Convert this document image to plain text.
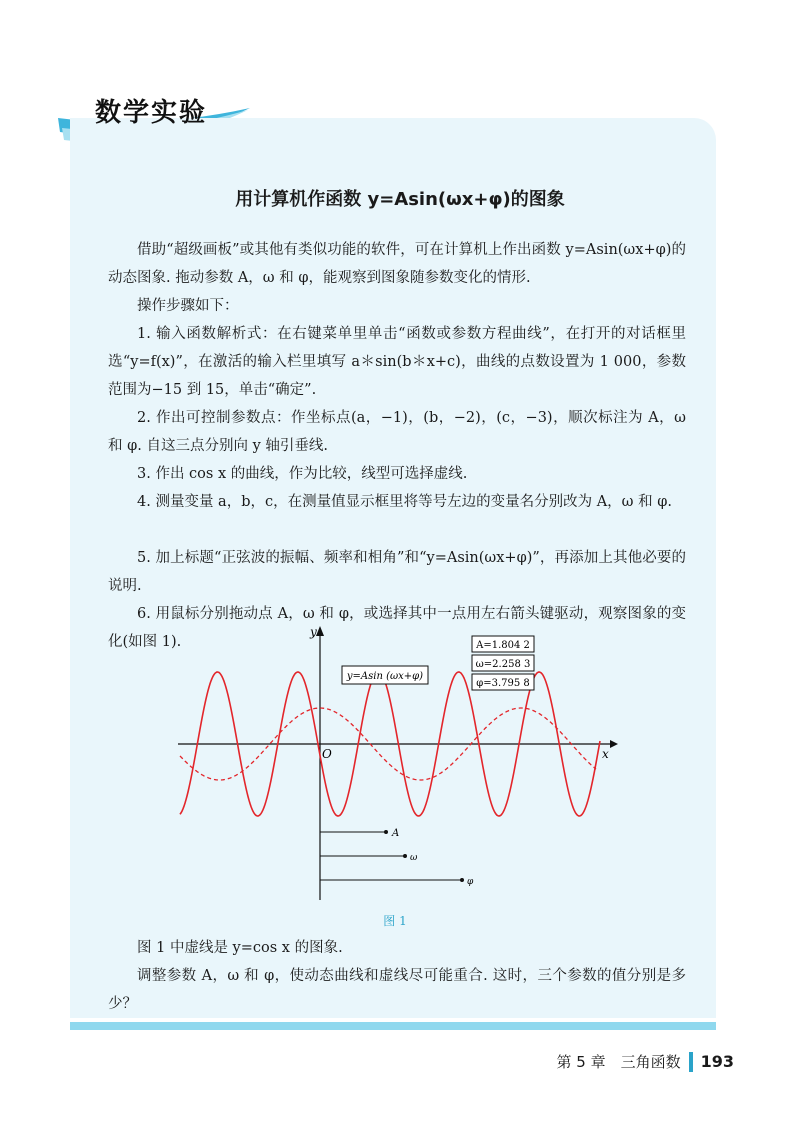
数学实验
用计算机作函数 y=Asin(ωx+φ)的图象

借助“超级画板”或其他有类似功能的软件，可在计算机上作出函数 y=Asin(ωx+φ)的动态图象. 拖动参数 A，ω 和 φ，能观察到图象随参数变化的情形.

操作步骤如下：

1. 输入函数解析式：在右键菜单里单击“函数或参数方程曲线”，在打开的对话框里选“y=f(x)”，在激活的输入栏里填写 a＊sin(b＊x+c)，曲线的点数设置为 1 000，参数范围为−15 到 15，单击“确定”.

2. 作出可控制参数点：作坐标点(a，−1)，(b，−2)，(c，−3)，顺次标注为 A，ω 和 φ. 自这三点分别向 y 轴引垂线.

3. 作出 cos x 的曲线，作为比较，线型可选择虚线.

4. 测量变量 a，b，c，在测量值显示框里将等号左边的变量名分别改为 A，ω 和 φ.

5. 加上标题“正弦波的振幅、频率和相角”和“y=Asin(ωx+φ)”，再添加上其他必要的说明.

6. 用鼠标分别拖动点 A，ω 和 φ，或选择其中一点用左右箭头键驱动，观察图象的变化(如图 1).

y
x
O
y=Asin (ωx+φ)
A=1.804 2
ω=2.258 3
φ=3.795 8
A
ω
φ
图 1

图 1 中虚线是 y=cos x 的图象.

调整参数 A，ω 和 φ，使动态曲线和虚线尽可能重合. 这时，三个参数的值分别是多少？

第 5 章　三角函数 193
